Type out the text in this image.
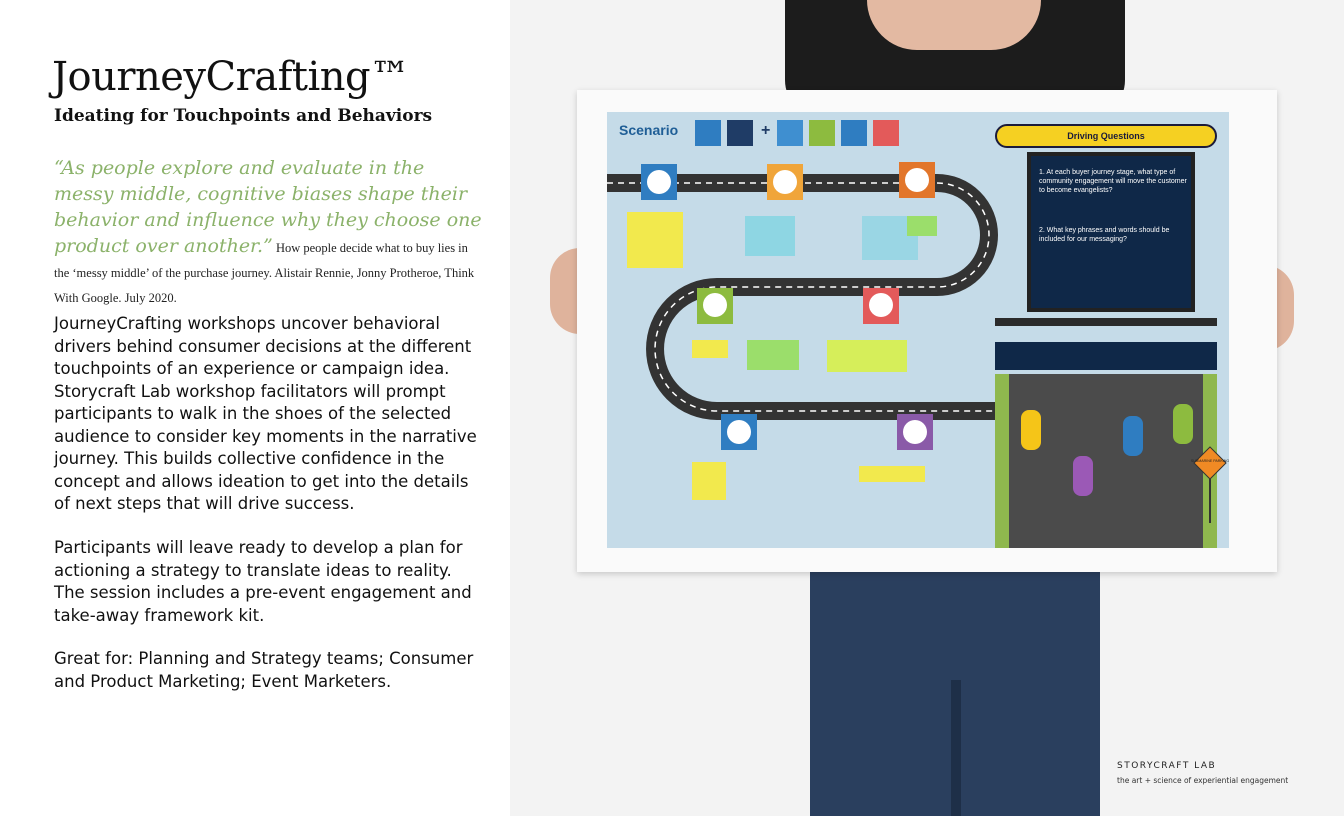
JourneyCrafting™
Ideating for Touchpoints and Behaviors

“As people explore and evaluate in the messy middle, cognitive biases shape their behavior and influence why they choose one product over another.” How people decide what to buy lies in the ‘messy middle’ of the purchase journey. Alistair Rennie, Jonny Protheroe, Think With Google. July 2020.

JourneyCrafting workshops uncover behavioral drivers behind consumer decisions at the different touchpoints of an experience or campaign idea. Storycraft Lab workshop facilitators will prompt participants to walk in the shoes of the selected audience to consider key moments in the narrative journey. This builds collective confidence in the concept and allows ideation to get into the details of next steps that will drive success.

Participants will leave ready to develop a plan for actioning a strategy to translate ideas to reality. The session includes a pre-event engagement and take-away framework kit.

Great for: Planning and Strategy teams; Consumer and Product Marketing; Event Marketers.

Scenario	+	Driving Questions

1. At each buyer journey stage, what type of community engagement will move the customer to become evangelists?

2. What key phrases and words should be included for our messaging?

SUBMARINE PARKING
STORYCRAFT LAB
the art + science of experiential engagement
